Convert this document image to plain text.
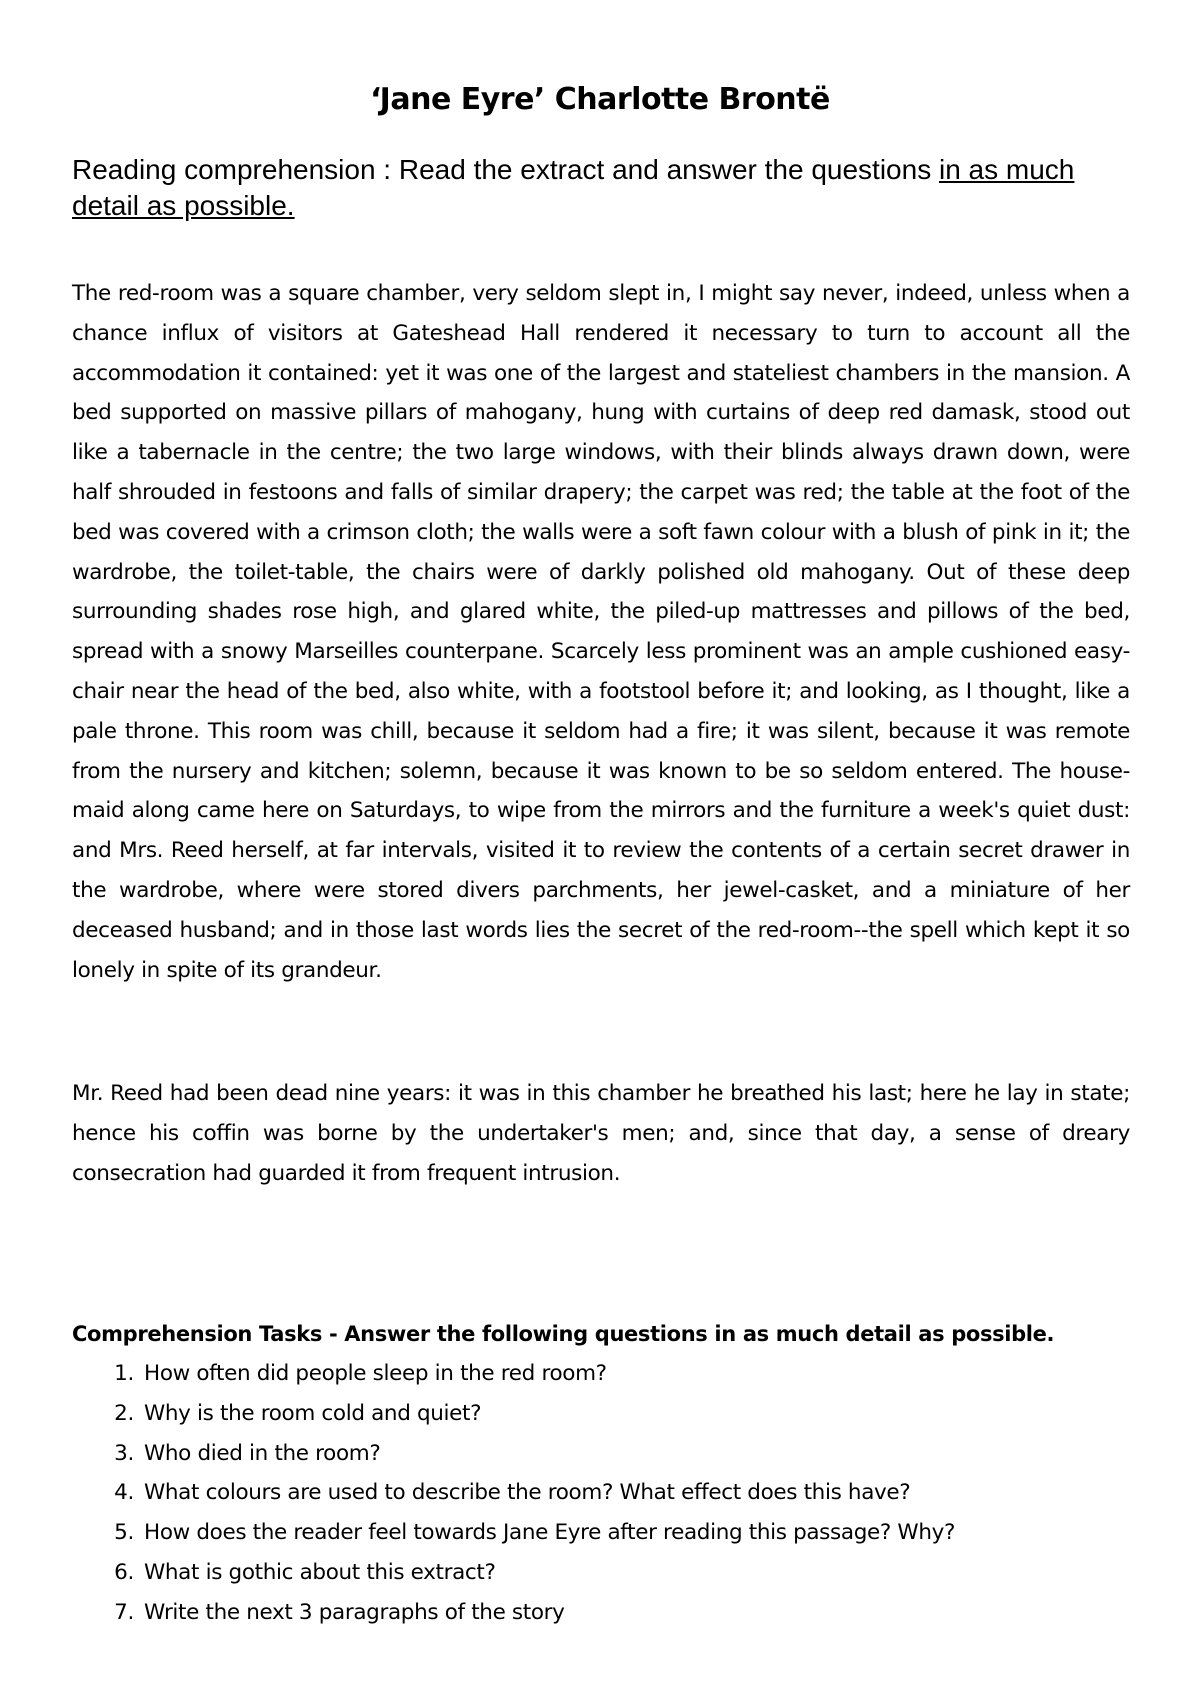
‘Jane Eyre’ Charlotte Brontë
Reading comprehension : Read the extract and answer the questions in as much detail as possible.

The red-room was a square chamber, very seldom slept in, I might say never, indeed, unless when a chance influx of visitors at Gateshead Hall rendered it necessary to turn to account all the accommodation it contained: yet it was one of the largest and stateliest chambers in the mansion. A bed supported on massive pillars of mahogany, hung with curtains of deep red damask, stood out like a tabernacle in the centre; the two large windows, with their blinds always drawn down, were half shrouded in festoons and falls of similar drapery; the carpet was red; the table at the foot of the bed was covered with a crimson cloth; the walls were a soft fawn colour with a blush of pink in it; the wardrobe, the toilet-table, the chairs were of darkly polished old mahogany. Out of these deep surrounding shades rose high, and glared white, the piled-up mattresses and pillows of the bed, spread with a snowy Marseilles counterpane. Scarcely less prominent was an ample cushioned easy-chair near the head of the bed, also white, with a footstool before it; and looking, as I thought, like a pale throne. This room was chill, because it seldom had a fire; it was silent, because it was remote from the nursery and kitchen; solemn, because it was known to be so seldom entered. The house-maid along came here on Saturdays, to wipe from the mirrors and the furniture a week's quiet dust: and Mrs. Reed herself, at far intervals, visited it to review the contents of a certain secret drawer in the wardrobe, where were stored divers parchments, her jewel-casket, and a miniature of her deceased husband; and in those last words lies the secret of the red-room--the spell which kept it so lonely in spite of its grandeur.

Mr. Reed had been dead nine years: it was in this chamber he breathed his last; here he lay in state; hence his coffin was borne by the undertaker's men; and, since that day, a sense of dreary consecration had guarded it from frequent intrusion.

Comprehension Tasks - Answer the following questions in as much detail as possible.

1. How often did people sleep in the red room?
2. Why is the room cold and quiet?
3. Who died in the room?
4. What colours are used to describe the room? What effect does this have?
5. How does the reader feel towards Jane Eyre after reading this passage? Why?
6. What is gothic about this extract?
7. Write the next 3 paragraphs of the story
